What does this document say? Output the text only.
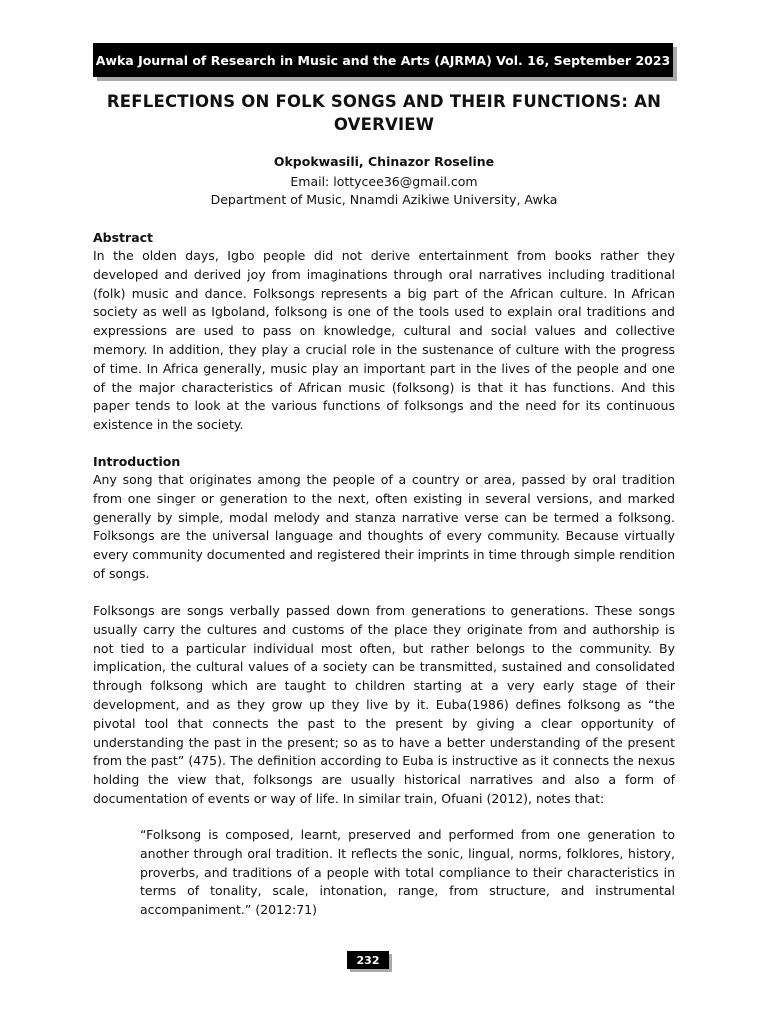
Awka Journal of Research in Music and the Arts (AJRMA) Vol. 16, September 2023
REFLECTIONS ON FOLK SONGS AND THEIR FUNCTIONS: AN OVERVIEW
Okpokwasili, Chinazor Roseline
Email: lottycee36@gmail.com
Department of Music, Nnamdi Azikiwe University, Awka
Abstract

In the olden days, Igbo people did not derive entertainment from books rather they developed and derived joy from imaginations through oral narratives including traditional (folk) music and dance. Folksongs represents a big part of the African culture. In African society as well as Igboland, folksong is one of the tools used to explain oral traditions and expressions are used to pass on knowledge, cultural and social values and collective memory. In addition, they play a crucial role in the sustenance of culture with the progress of time. In Africa generally, music play an important part in the lives of the people and one of the major characteristics of African music (folksong) is that it has functions. And this paper tends to look at the various functions of folksongs and the need for its continuous existence in the society.

Introduction

Any song that originates among the people of a country or area, passed by oral tradition from one singer or generation to the next, often existing in several versions, and marked generally by simple, modal melody and stanza narrative verse can be termed a folksong. Folksongs are the universal language and thoughts of every community. Because virtually every community documented and registered their imprints in time through simple rendition of songs.

Folksongs are songs verbally passed down from generations to generations. These songs usually carry the cultures and customs of the place they originate from and authorship is not tied to a particular individual most often, but rather belongs to the community. By implication, the cultural values of a society can be transmitted, sustained and consolidated through folksong which are taught to children starting at a very early stage of their development, and as they grow up they live by it. Euba(1986) defines folksong as “the pivotal tool that connects the past to the present by giving a clear opportunity of understanding the past in the present; so as to have a better understanding of the present from the past” (475). The definition according to Euba is instructive as it connects the nexus holding the view that, folksongs are usually historical narratives and also a form of documentation of events or way of life. In similar train, Ofuani (2012), notes that:

“Folksong is composed, learnt, preserved and performed from one generation to another through oral tradition. It reflects the sonic, lingual, norms, folklores, history, proverbs, and traditions of a people with total compliance to their characteristics in terms of tonality, scale, intonation, range, from structure, and instrumental accompaniment.” (2012:71)

232
